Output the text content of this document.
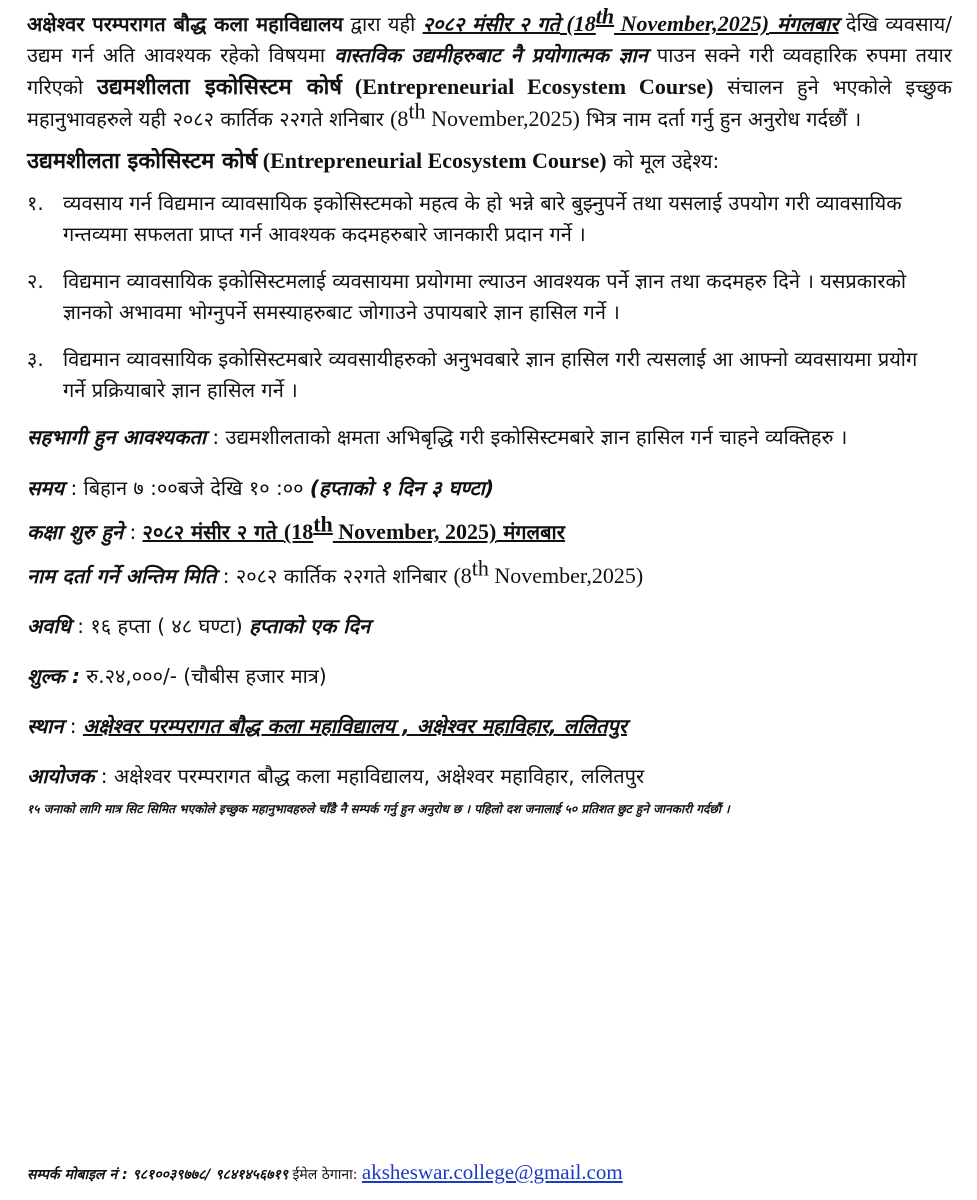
अक्षेश्वर परम्परागत बौद्ध कला महाविद्यालय द्वारा यही २०८२ मंसीर २ गते (18th November,2025) मंगलबार देखि व्यवसाय/उद्यम गर्न अति आवश्यक रहेको विषयमा वास्तविक उद्यमीहरुबाट नै प्रयोगात्मक ज्ञान पाउन सक्ने गरी व्यवहारिक रुपमा तयार गरिएको उद्यमशीलता इकोसिस्टम कोर्ष (Entrepreneurial Ecosystem Course) संचालन हुने भएकोले इच्छुक महानुभावहरुले यही २०८२ कार्तिक २२गते शनिबार (8th November,2025) भित्र नाम दर्ता गर्नु हुन अनुरोध गर्दछौं ।

उद्यमशीलता इकोसिस्टम कोर्ष (Entrepreneurial Ecosystem Course) को मूल उद्देश्य:

१. व्यवसाय गर्न विद्यमान व्यावसायिक इकोसिस्टमको महत्व के हो भन्ने बारे बुझ्नुपर्ने तथा यसलाई उपयोग गरी व्यावसायिक गन्तव्यमा सफलता प्राप्त गर्न आवश्यक कदमहरुबारे जानकारी प्रदान गर्ने ।
२. विद्यमान व्यावसायिक इकोसिस्टमलाई व्यवसायमा प्रयोगमा ल्याउन आवश्यक पर्ने ज्ञान तथा कदमहरु दिने । यसप्रकारको ज्ञानको अभावमा भोग्नुपर्ने समस्याहरुबाट जोगाउने उपायबारे ज्ञान हासिल गर्ने ।
३. विद्यमान व्यावसायिक इकोसिस्टमबारे व्यवसायीहरुको अनुभवबारे ज्ञान हासिल गरी त्यसलाई आ आफ्नो व्यवसायमा प्रयोग गर्ने प्रक्रियाबारे ज्ञान हासिल गर्ने ।

सहभागी हुन आवश्यकता : उद्यमशीलताको क्षमता अभिबृद्धि गरी इकोसिस्टमबारे ज्ञान हासिल गर्न चाहने व्यक्तिहरु ।

समय : बिहान ७ :००बजे देखि १० :०० (हप्ताको १ दिन ३ घण्टा)
कक्षा शुरु हुने : २०८२ मंसीर २ गते (18th November, 2025) मंगलबार
नाम दर्ता गर्ने अन्तिम मिति : २०८२ कार्तिक २२गते शनिबार (8th November,2025)
अवधि : १६ हप्ता ( ४८ घण्टा) हप्ताको एक दिन
शुल्क : रु.२४,०००/- (चौबीस हजार मात्र)
स्थान : अक्षेश्वर परम्परागत बौद्ध कला महाविद्यालय , अक्षेश्वर महाविहार, ललितपुर
आयोजक : अक्षेश्वर परम्परागत बौद्ध कला महाविद्यालय, अक्षेश्वर महाविहार, ललितपुर

१५ जनाको लागि मात्र सिट सिमित भएकोले इच्छुक महानुभावहरुले चाँडै नै सम्पर्क गर्नु हुन अनुरोध छ । पहिलो दश जनालाई ५० प्रतिशत छुट हुने जानकारी गर्दछौं ।

सम्पर्क मोबाइल नं : ९८१००३९७७८/ ९८४१४५६७१९ ईमेल ठेगाना: aksheswar.college@gmail.com
